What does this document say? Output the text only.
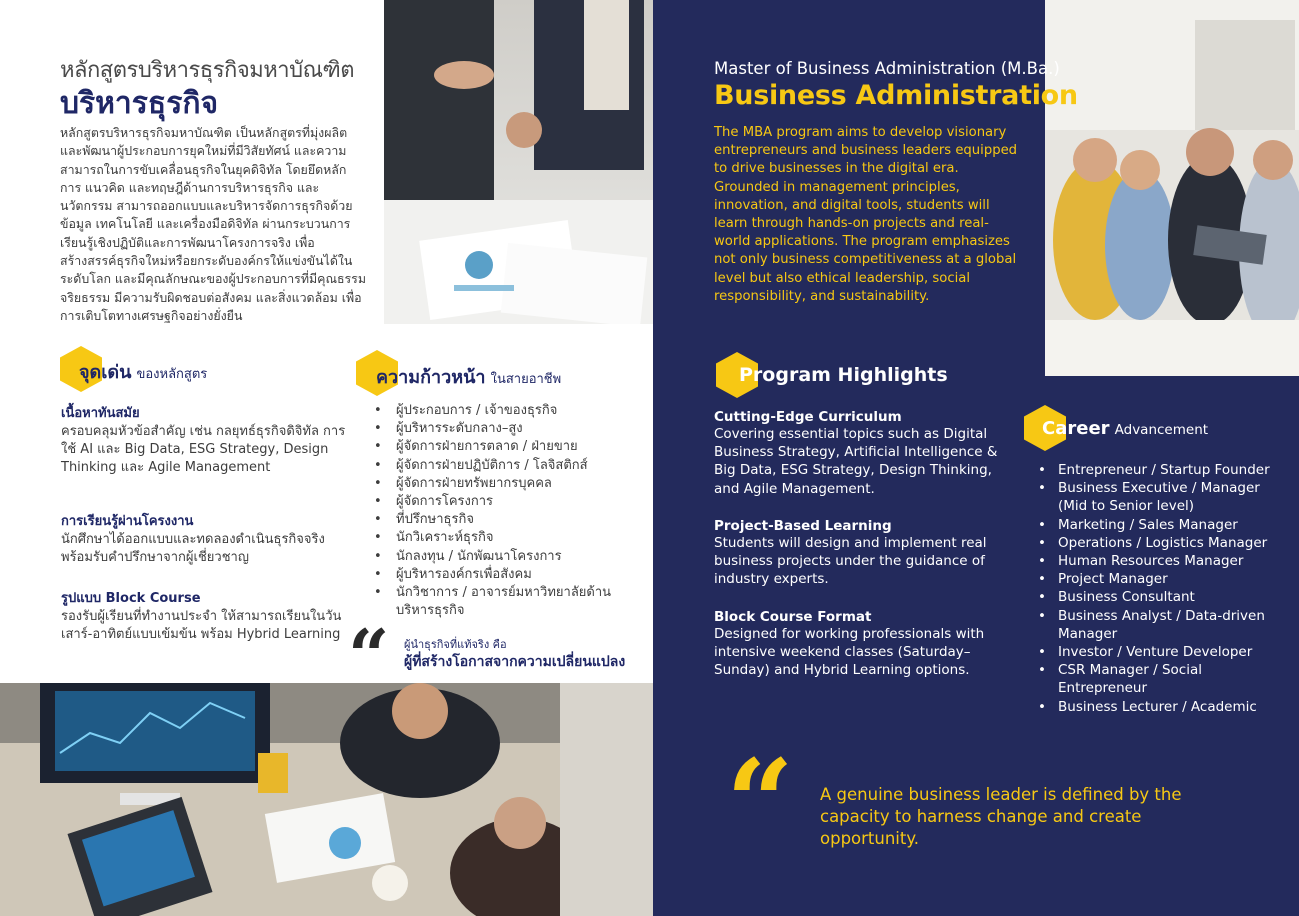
หลักสูตรบริหารธุรกิจมหาบัณฑิต
บริหารธุรกิจ
หลักสูตรบริหารธุรกิจมหาบัณฑิต เป็นหลักสูตรที่มุ่งผลิตและพัฒนาผู้ประกอบการยุคใหม่ที่มีวิสัยทัศน์ และความสามารถในการขับเคลื่อนธุรกิจในยุคดิจิทัล โดยยึดหลักการ แนวคิด และทฤษฎีด้านการบริหารธุรกิจ และนวัตกรรม สามารถออกแบบและบริหารจัดการธุรกิจด้วยข้อมูล เทคโนโลยี และเครื่องมือดิจิทัล ผ่านกระบวนการเรียนรู้เชิงปฏิบัติและการพัฒนาโครงการจริง เพื่อสร้างสรรค์ธุรกิจใหม่หรือยกระดับองค์กรให้แข่งขันได้ในระดับโลก และมีคุณลักษณะของผู้ประกอบการที่มีคุณธรรม จริยธรรม มีความรับผิดชอบต่อสังคม และสิ่งแวดล้อม เพื่อการเติบโตทางเศรษฐกิจอย่างยั่งยืน
จุดเด่น ของหลักสูตร
เนื้อหาทันสมัย
ครอบคลุมหัวข้อสำคัญ เช่น กลยุทธ์ธุรกิจดิจิทัล การใช้ AI และ Big Data, ESG Strategy, Design Thinking และ Agile Management
การเรียนรู้ผ่านโครงงาน
นักศึกษาได้ออกแบบและทดลองดำเนินธุรกิจจริง พร้อมรับคำปรึกษาจากผู้เชี่ยวชาญ
รูปแบบ Block Course
รองรับผู้เรียนที่ทำงานประจำ ให้สามารถเรียนในวันเสาร์-อาทิตย์แบบเข้มข้น พร้อม Hybrid Learning
ความก้าวหน้า ในสายอาชีพ
• ผู้ประกอบการ / เจ้าของธุรกิจ
• ผู้บริหารระดับกลาง–สูง
• ผู้จัดการฝ่ายการตลาด / ฝ่ายขาย
• ผู้จัดการฝ่ายปฏิบัติการ / โลจิสติกส์
• ผู้จัดการฝ่ายทรัพยากรบุคคล
• ผู้จัดการโครงการ
• ที่ปรึกษาธุรกิจ
• นักวิเคราะห์ธุรกิจ
• นักลงทุน / นักพัฒนาโครงการ
• ผู้บริหารองค์กรเพื่อสังคม
• นักวิชาการ / อาจารย์มหาวิทยาลัยด้านบริหารธุรกิจ
“ ผู้นำธุรกิจที่แท้จริง คือ
ผู้ที่สร้างโอกาสจากความเปลี่ยนแปลง
Master of Business Administration (M.Ba.)
Business Administration
The MBA program aims to develop visionary entrepreneurs and business leaders equipped to drive businesses in the digital era. Grounded in management principles, innovation, and digital tools, students will learn through hands-on projects and real-world applications. The program emphasizes not only business competitiveness at a global level but also ethical leadership, social responsibility, and sustainability.
Program Highlights
Cutting-Edge Curriculum
Covering essential topics such as Digital Business Strategy, Artificial Intelligence & Big Data, ESG Strategy, Design Thinking, and Agile Management.
Project-Based Learning
Students will design and implement real business projects under the guidance of industry experts.
Block Course Format
Designed for working professionals with intensive weekend classes (Saturday–Sunday) and Hybrid Learning options.
Career Advancement
• Entrepreneur / Startup Founder
• Business Executive / Manager (Mid to Senior level)
• Marketing / Sales Manager
• Operations / Logistics Manager
• Human Resources Manager
• Project Manager
• Business Consultant
• Business Analyst / Data-driven Manager
• Investor / Venture Developer
• CSR Manager / Social Entrepreneur
• Business Lecturer / Academic
“ A genuine business leader is defined by the capacity to harness change and create opportunity.
